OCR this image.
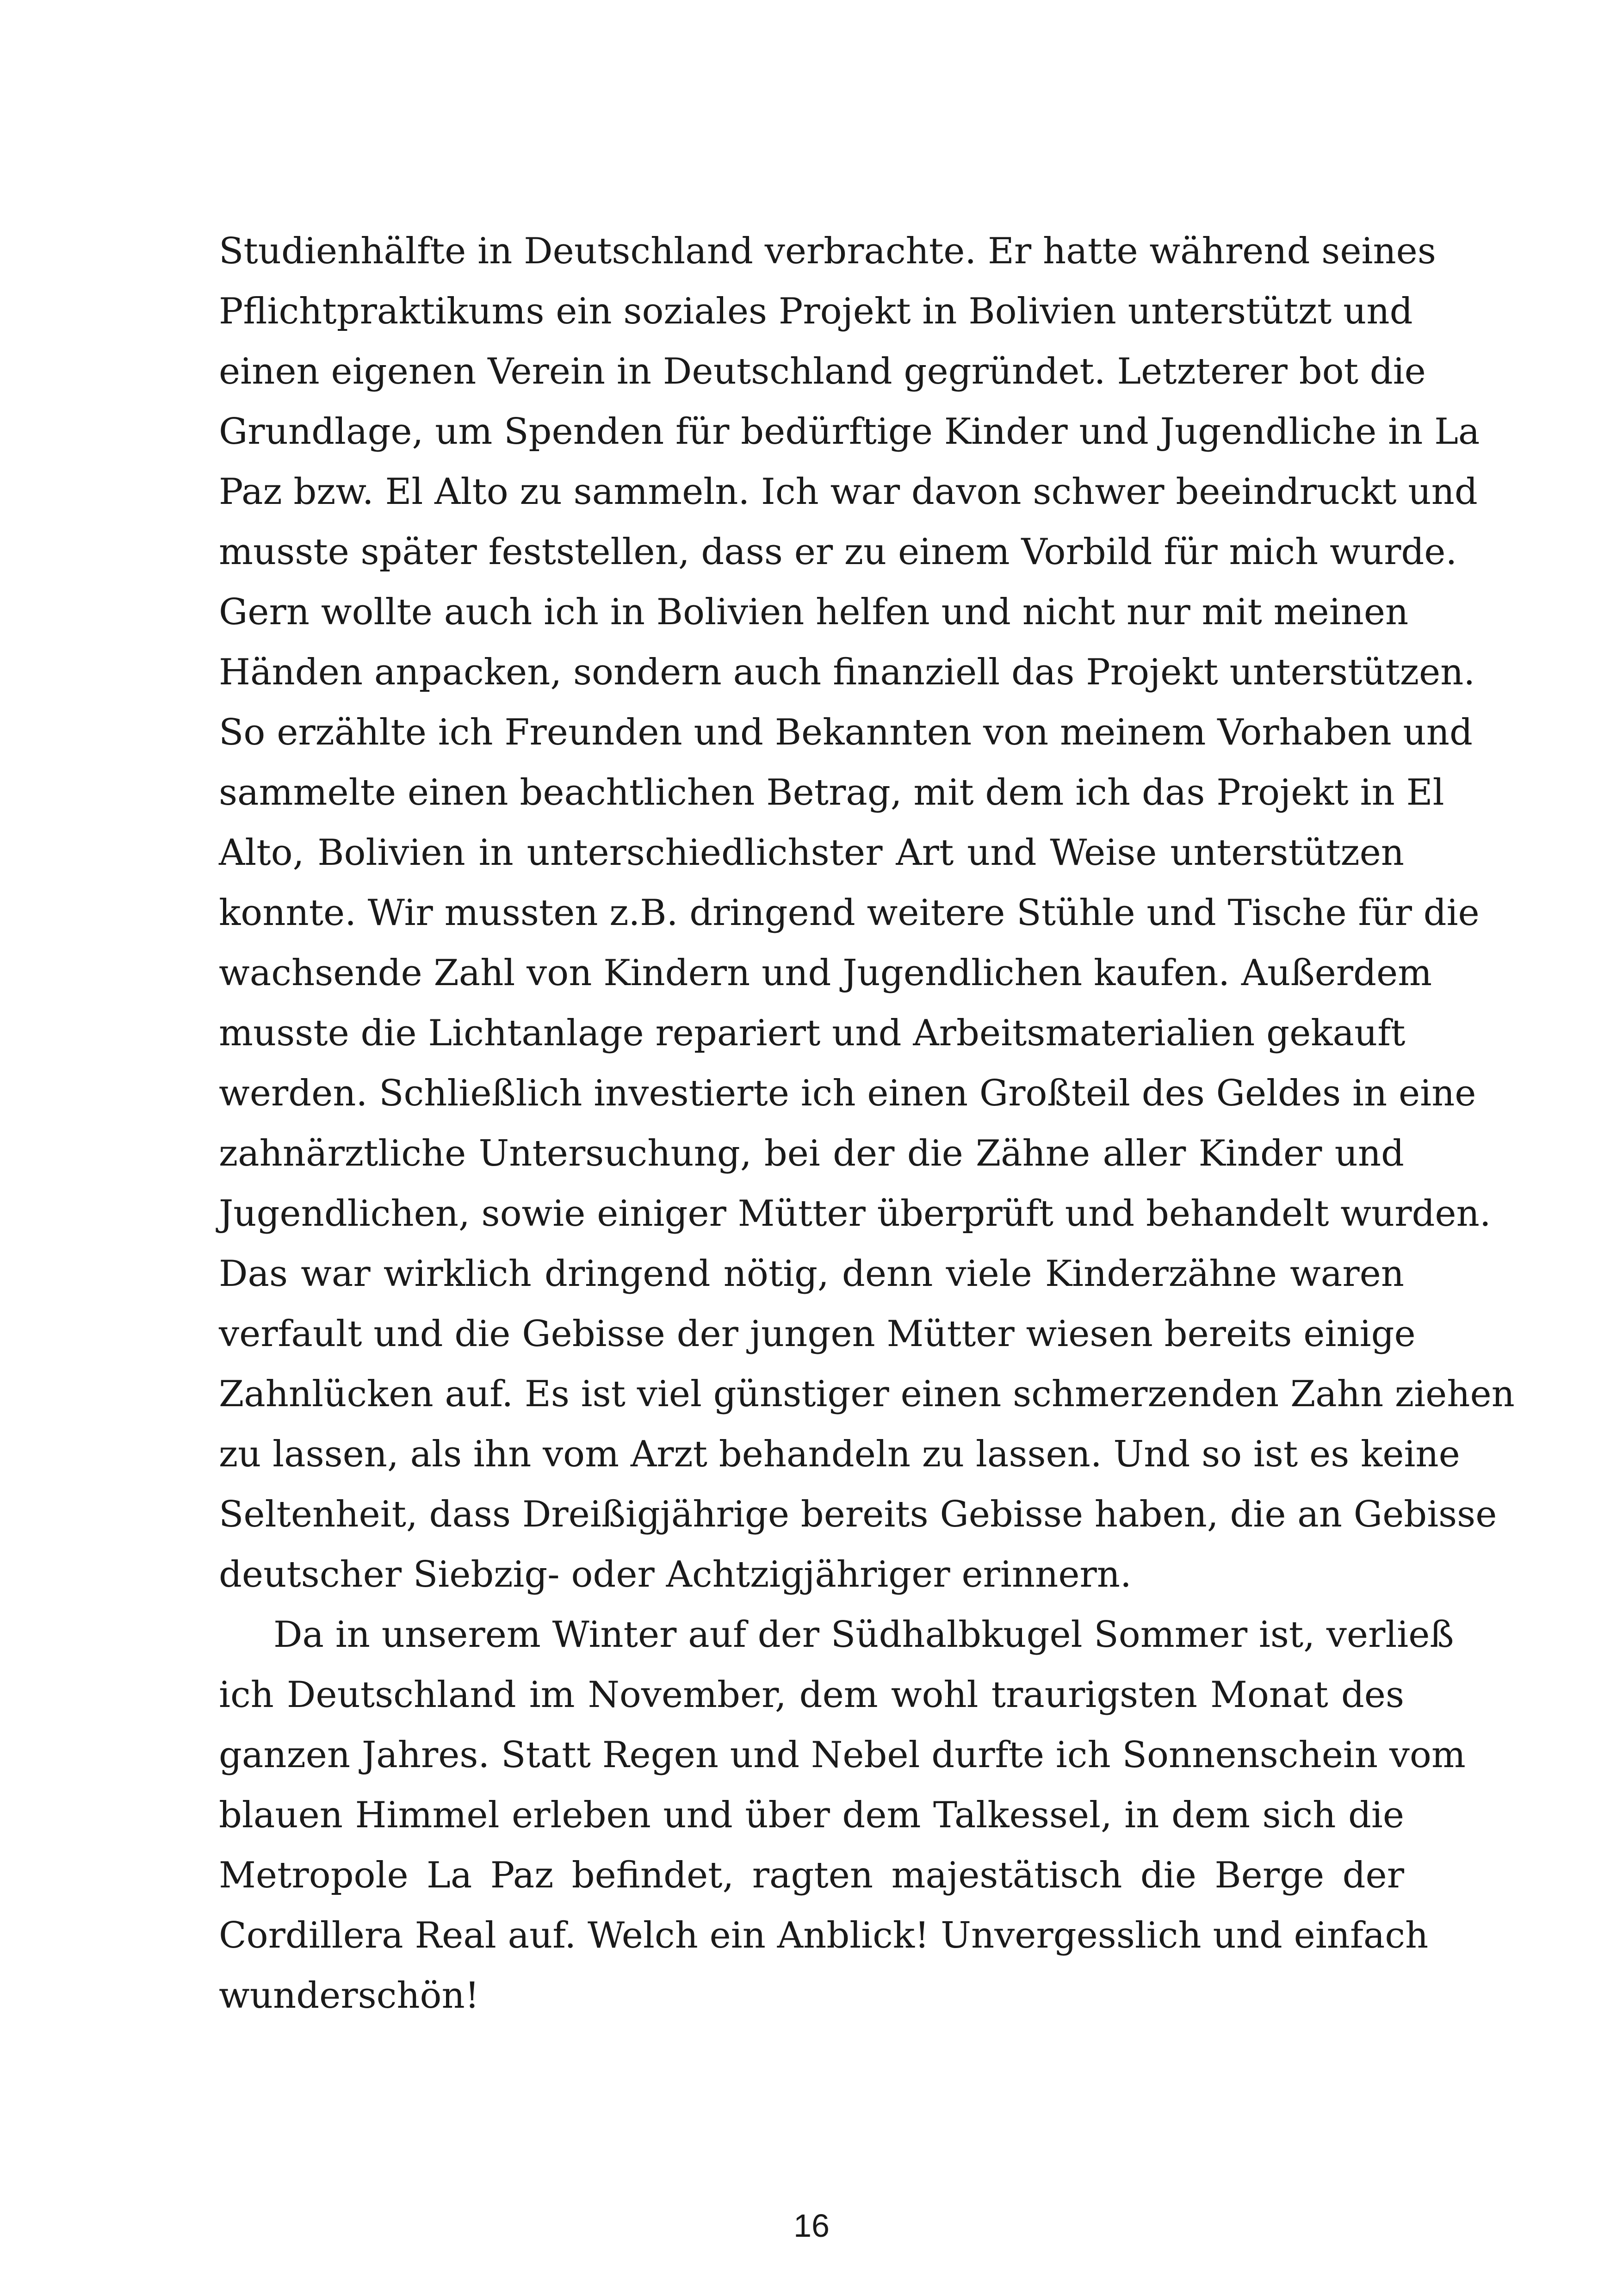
Studienhälfte in Deutschland verbrachte. Er hatte während seines
Pflichtpraktikums ein soziales Projekt in Bolivien unterstützt und
einen eigenen Verein in Deutschland gegründet. Letzterer bot die
Grundlage, um Spenden für bedürftige Kinder und Jugendliche in La
Paz bzw. El Alto zu sammeln. Ich war davon schwer beeindruckt und
musste später feststellen, dass er zu einem Vorbild für mich wurde.
Gern wollte auch ich in Bolivien helfen und nicht nur mit meinen
Händen anpacken, sondern auch finanziell das Projekt unterstützen.
So erzählte ich Freunden und Bekannten von meinem Vorhaben und
sammelte einen beachtlichen Betrag, mit dem ich das Projekt in El
Alto, Bolivien in unterschiedlichster Art und Weise unterstützen
konnte. Wir mussten z.B. dringend weitere Stühle und Tische für die
wachsende Zahl von Kindern und Jugendlichen kaufen. Außerdem
musste die Lichtanlage repariert und Arbeitsmaterialien gekauft
werden. Schließlich investierte ich einen Großteil des Geldes in eine
zahnärztliche Untersuchung, bei der die Zähne aller Kinder und
Jugendlichen, sowie einiger Mütter überprüft und behandelt wurden.
Das war wirklich dringend nötig, denn viele Kinderzähne waren
verfault und die Gebisse der jungen Mütter wiesen bereits einige
Zahnlücken auf. Es ist viel günstiger einen schmerzenden Zahn ziehen
zu lassen, als ihn vom Arzt behandeln zu lassen. Und so ist es keine
Seltenheit, dass Dreißigjährige bereits Gebisse haben, die an Gebisse
deutscher Siebzig- oder Achtzigjähriger erinnern.
Da in unserem Winter auf der Südhalbkugel Sommer ist, verließ
ich Deutschland im November, dem wohl traurigsten Monat des
ganzen Jahres. Statt Regen und Nebel durfte ich Sonnenschein vom
blauen Himmel erleben und über dem Talkessel, in dem sich die
Metropole La Paz befindet, ragten majestätisch die Berge der
Cordillera Real auf. Welch ein Anblick! Unvergesslich und einfach
wunderschön!
16
